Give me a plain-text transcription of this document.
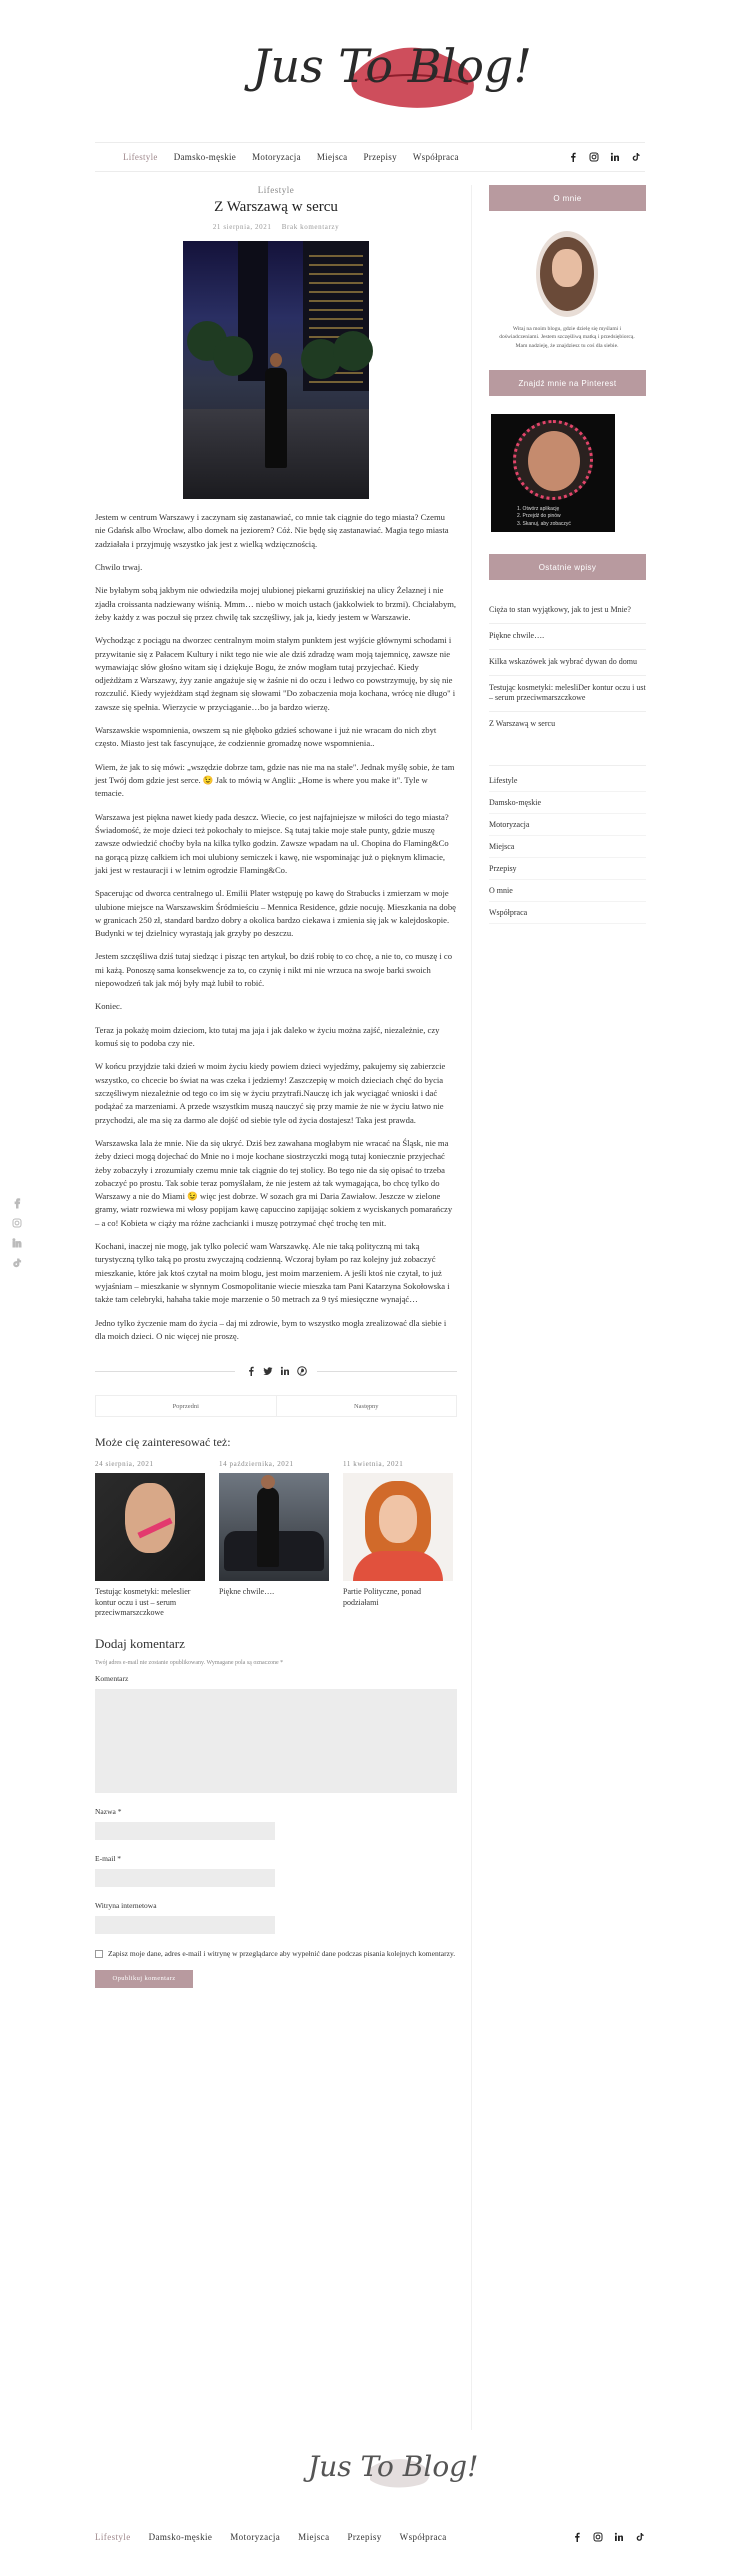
Jus To Blog!
Lifestyle Damsko-męskie Motoryzacja Miejsca Przepisy Współpraca
Lifestyle
Z Warszawą w sercu
21 sierpnia, 2021 Brak komentarzy

Jestem w centrum Warszawy i zaczynam się zastanawiać, co mnie tak ciągnie do tego miasta? Czemu nie Gdańsk albo Wrocław, albo domek na jeziorem? Cóż. Nie będę się zastanawiać. Magia tego miasta zadziałała i przyjmuję wszystko jak jest z wielką wdzięcznością.

Chwilo trwaj.

Nie byłabym sobą jakbym nie odwiedziła mojej ulubionej piekarni gruzińskiej na ulicy Żelaznej i nie zjadła croissanta nadziewany wiśnią. Mmm… niebo w moich ustach (jakkolwiek to brzmi). Chciałabym, żeby każdy z was poczuł się przez chwilę tak szczęśliwy, jak ja, kiedy jestem w Warszawie.

Wychodząc z pociągu na dworzec centralnym moim stałym punktem jest wyjście głównymi schodami i przywitanie się z Pałacem Kultury i nikt tego nie wie ale dziś zdradzę wam moją tajemnicę, zawsze nie wymawiając słów głośno witam się i dziękuje Bogu, że znów mogłam tutaj przyjechać. Kiedy odjeżdżam z Warszawy, żyy zanie angażuje się w żaśnie ni do oczu i ledwo co powstrzymuję, by się nie rozczulić. Kiedy wyjeżdżam stąd żegnam się słowami "Do zobaczenia moja kochana, wrócę nie długo" i zawsze się spełnia. Wierzycie w przyciąganie…bo ja bardzo wierzę.

Warszawskie wspomnienia, owszem są nie głęboko gdzieś schowane i już nie wracam do nich zbyt często. Miasto jest tak fascynujące, że codziennie gromadzę nowe wspomnienia..

Wiem, że jak to się mówi: „wszędzie dobrze tam, gdzie nas nie ma na stałe". Jednak myślę sobie, że tam jest Twój dom gdzie jest serce. 😉 Jak to mówią w Anglii: „Home is where you make it". Tyle w temacie.

Warszawa jest piękna nawet kiedy pada deszcz. Wiecie, co jest najfajniejsze w miłości do tego miasta? Świadomość, że moje dzieci też pokochały to miejsce. Są tutaj takie moje stałe punty, gdzie muszę zawsze odwiedzić choćby była na kilka tylko godzin. Zawsze wpadam na ul. Chopina do Flaming&Co na gorącą pizzę całkiem ich moi ulubiony semiczek i kawę, nie wspominając już o pięknym klimacie, jaki jest w restauracji i w letnim ogrodzie Flaming&Co.

Spacerując od dworca centralnego ul. Emilii Plater wstępuję po kawę do Strabucks i zmierzam w moje ulubione miejsce na Warszawskim Śródmieściu – Mennica Residence, gdzie nocuję. Mieszkania na dobę w granicach 250 zł, standard bardzo dobry a okolica bardzo ciekawa i zmienia się jak w kalejdoskopie. Budynki w tej dzielnicy wyrastają jak grzyby po deszczu.

Jestem szczęśliwa dziś tutaj siedząc i pisząc ten artykuł, bo dziś robię to co chcę, a nie to, co muszę i co mi każą. Ponoszę sama konsekwencje za to, co czynię i nikt mi nie wrzuca na swoje barki swoich niepowodzeń tak jak mój były mąż lubił to robić.

Koniec.

Teraz ja pokażę moim dzieciom, kto tutaj ma jaja i jak daleko w życiu można zajść, niezależnie, czy komuś się to podoba czy nie.

W końcu przyjdzie taki dzień w moim życiu kiedy powiem dzieci wyjedźmy, pakujemy się zabierzcie wszystko, co chcecie bo świat na was czeka i jedziemy! Zaszczepię w moich dzieciach chęć do bycia szczęśliwym niezależnie od tego co im się w życiu przytrafi.Nauczę ich jak wyciągać wnioski i dać podążać za marzeniami. A przede wszystkim muszą nauczyć się przy mamie że nie w życiu łatwo nie przychodzi, ale ma się za darmo ale dojść od siebie tyle od życia dostajesz! Taka jest prawda.

Warszawska lala że mnie. Nie da się ukryć. Dziś bez zawahana mogłabym nie wracać na Śląsk, nie ma żeby dzieci mogą dojechać do Mnie no i moje kochane siostrzyczki mogą tutaj koniecznie przyjechać żeby zobaczyły i zrozumiały czemu mnie tak ciągnie do tej stolicy. Bo tego nie da się opisać to trzeba zobaczyć po prostu. Tak sobie teraz pomyślałam, że nie jestem aż tak wymagająca, bo chcę tylko do Warszawy a nie do Miami 😉 więc jest dobrze. W sozach gra mi Daria Zawiałow. Jeszcze w zielone gramy, wiatr rozwiewa mi włosy popijam kawę capuccino zapijając sokiem z wyciskanych pomarańczy – a co! Kobieta w ciąży ma różne zachcianki i muszę potrzymać chęć trochę ten mit.

Kochani, inaczej nie mogę, jak tylko polecić wam Warszawkę. Ale nie taką polityczną mi taką turystyczną tylko taką po prostu zwyczajną codzienną. Wczoraj byłam po raz kolejny już zobaczyć mieszkanie, które jak ktoś czytał na moim blogu, jest moim marzeniem. A jeśli ktoś nie czytał, to już wyjaśniam – mieszkanie w słynnym Cosmopolitanie wiecie mieszka tam Pani Katarzyna Sokołowska i także tam celebryki, hahaha takie moje marzenie o 50 metrach za 9 tyś miesięczne wynająć…

Jedno tylko życzenie mam do życia – daj mi zdrowie, bym to wszystko mogła zrealizować dla siebie i dla moich dzieci. O nic więcej nie proszę.

Poprzedni	Następny
Może cię zainteresować też:
24 sierpnia, 2021
Testując kosmetyki: meleslier kontur oczu i ust – serum przeciwmarszczkowe
14 października, 2021
Piękne chwile….
11 kwietnia, 2021
Partie Polityczne, ponad podziałami
Dodaj komentarz
Twój adres e-mail nie zostanie opublikowany. Wymagane pola są oznaczone *
Komentarz
Nazwa *
E-mail *
Witryna internetowa
Zapisz moje dane, adres e-mail i witrynę w przeglądarce aby wypełnić dane podczas pisania kolejnych komentarzy.
Opublikuj komentarz
O mnie
Witaj na moim blogu, gdzie dzielę się myślami i doświadczeniami. Jestem szczęśliwą matką i przedsiębiorcą. Mam nadzieję, że znajdziesz tu coś dla siebie.
Znajdź mnie na Pinterest
1. Otwórz aplikację
2. Przejdź do pinów
3. Skanuj, aby zobaczyć
Ostatnie wpisy
Cięża to stan wyjątkowy, jak to jest u Mnie?
Piękne chwile….
Kilka wskazówek jak wybrać dywan do domu
Testując kosmetyki: melesliDer kontur oczu i ust – serum przeciwmarszczkowe
Z Warszawą w sercu
Lifestyle
Damsko-męskie
Motoryzacja
Miejsca
Przepisy
O mnie
Współpraca
Jus To Blog!
Lifestyle Damsko-męskie Motoryzacja Miejsca Przepisy Współpraca
